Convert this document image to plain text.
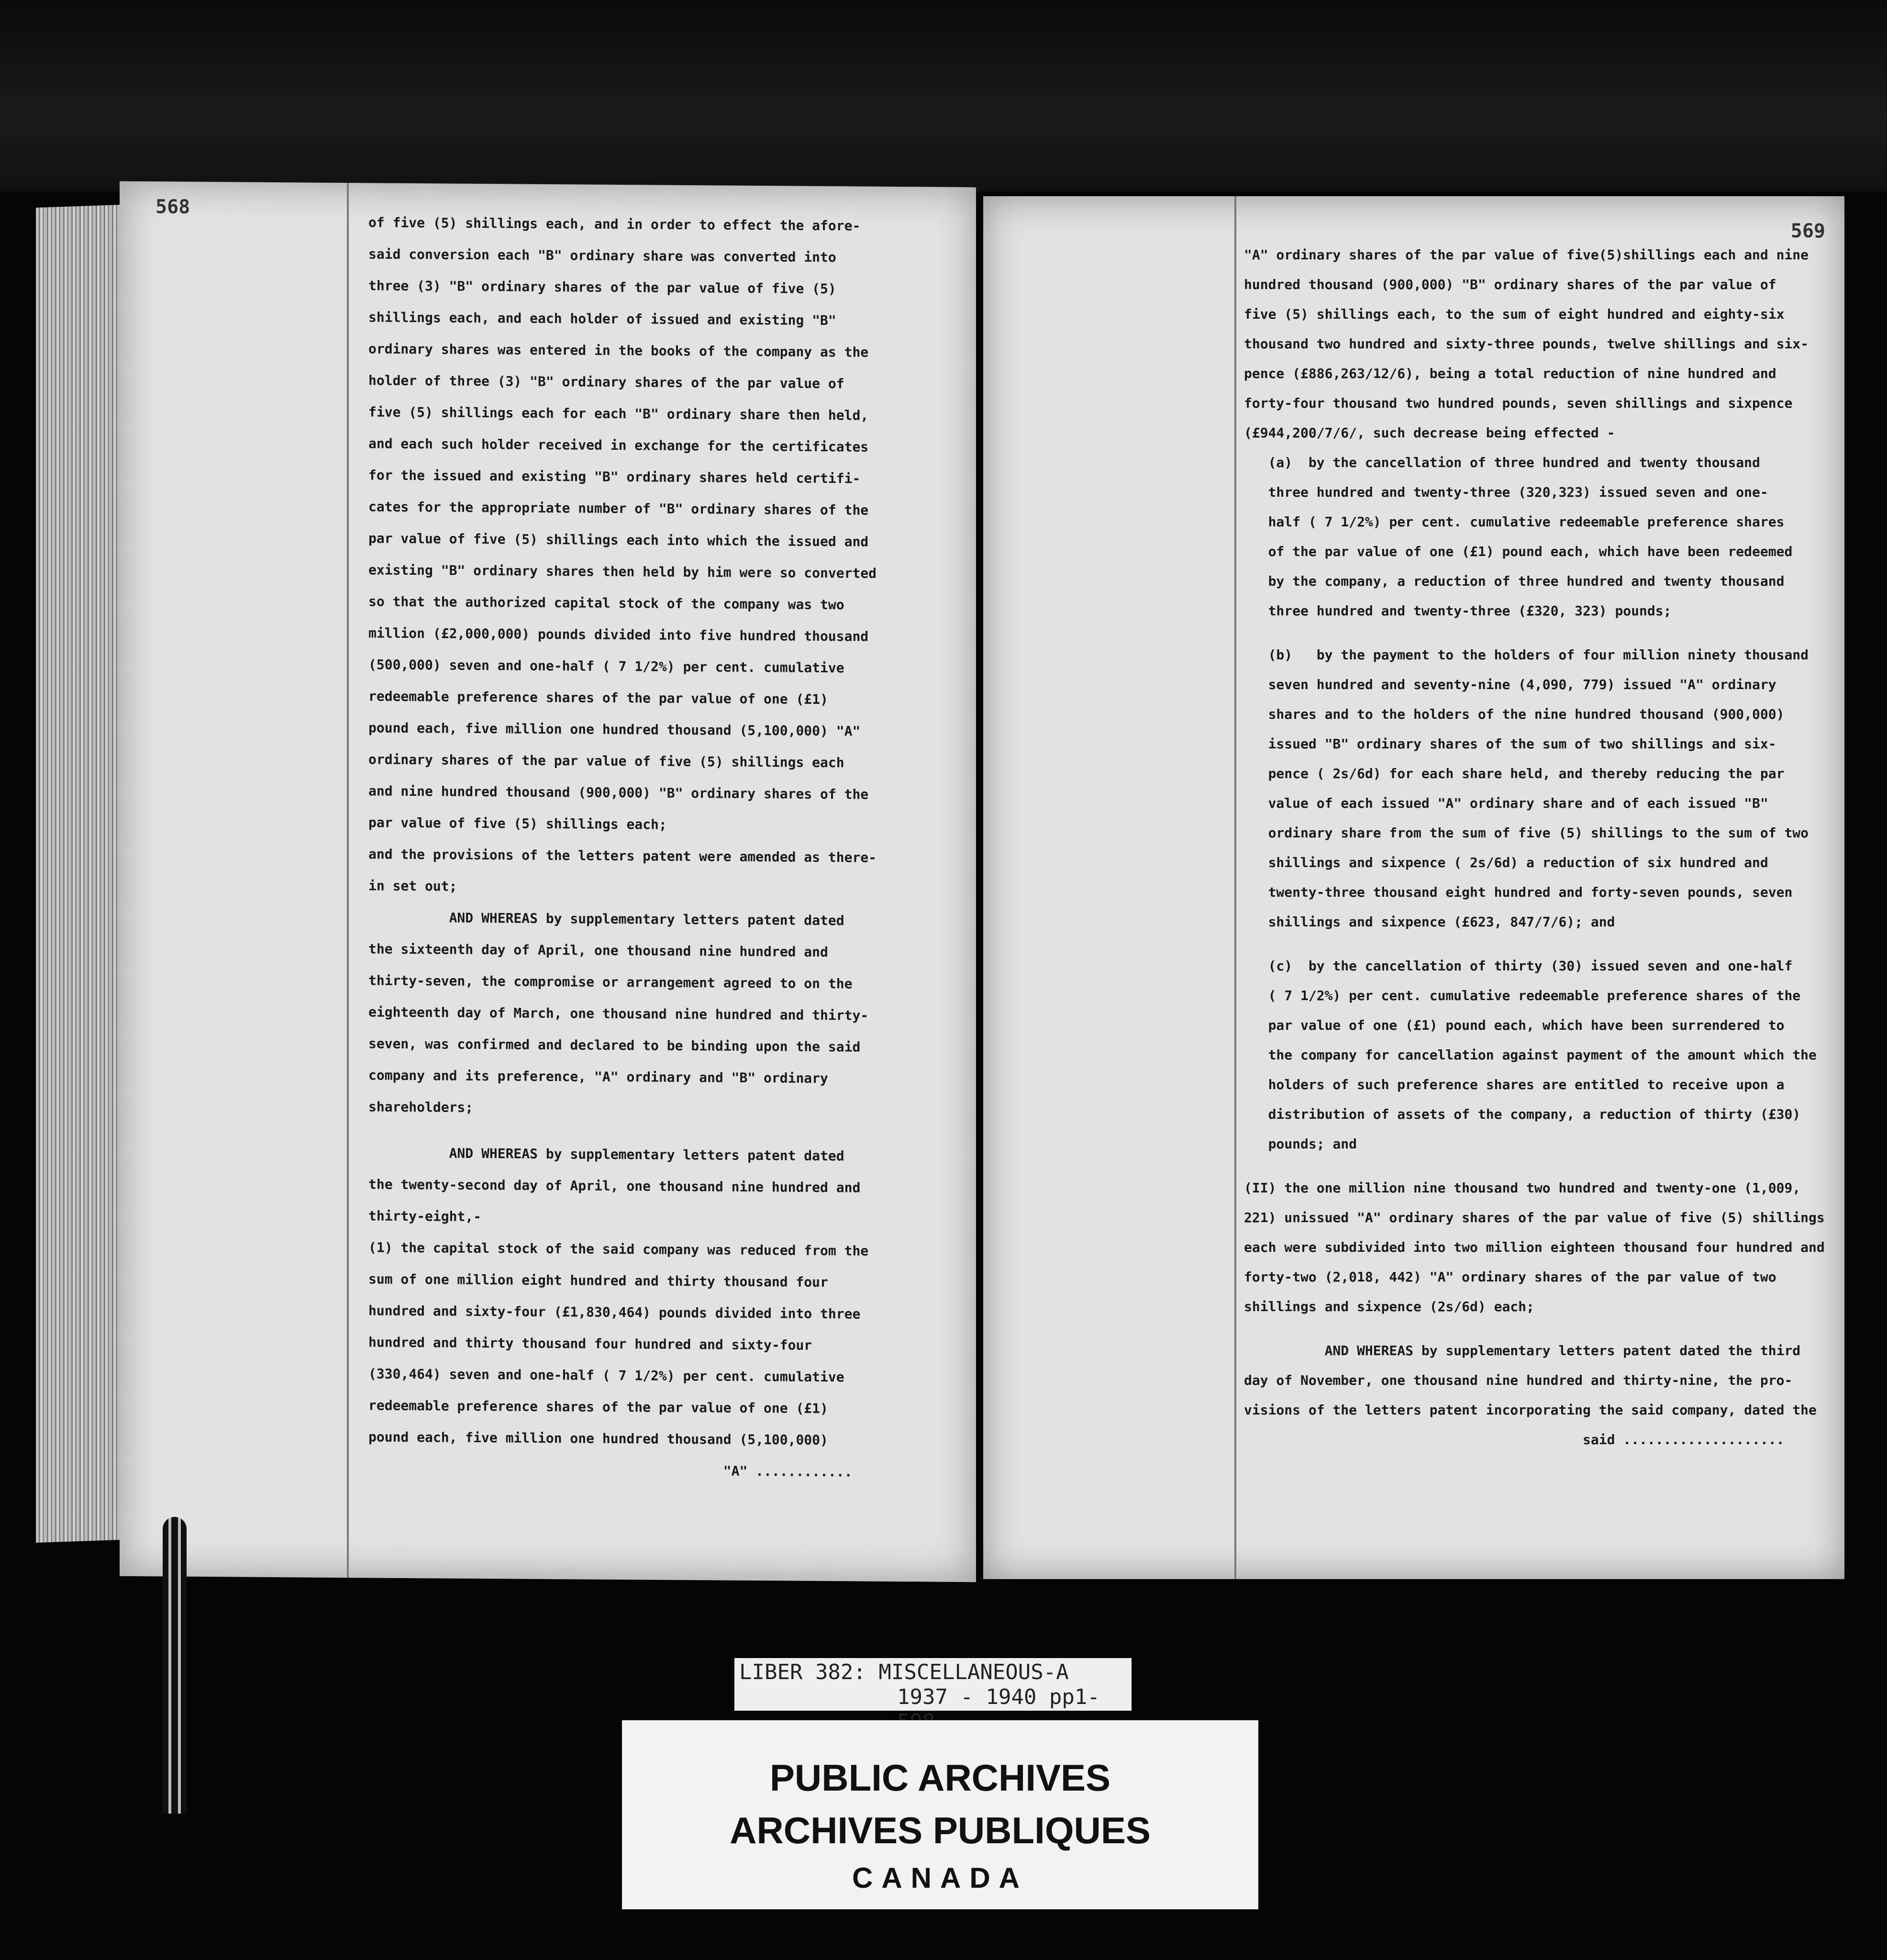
568
of five (5) shillings each, and in order to effect the afore-
said conversion each "B" ordinary share was converted into
three (3) "B" ordinary shares of the par value of five (5)
shillings each, and each holder of issued and existing "B"
ordinary shares was entered in the books of the company as the
holder of three (3) "B" ordinary shares of the par value of
five (5) shillings each for each "B" ordinary share then held,
and each such holder received in exchange for the certificates
for the issued and existing "B" ordinary shares held certifi-
cates for the appropriate number of "B" ordinary shares of the
par value of five (5) shillings each into which the issued and
existing "B" ordinary shares then held by him were so converted
so that the authorized capital stock of the company was two
million (£2,000,000) pounds divided into five hundred thousand
(500,000) seven and one-half ( 7 1/2%) per cent. cumulative
redeemable preference shares of the par value of one (£1)
pound each, five million one hundred thousand (5,100,000) "A"
ordinary shares of the par value of five (5) shillings each
and nine hundred thousand (900,000) "B" ordinary shares of the
par value of five (5) shillings each;
and the provisions of the letters patent were amended as there-
in set out;
AND WHEREAS by supplementary letters patent dated
the sixteenth day of April, one thousand nine hundred and
thirty-seven, the compromise or arrangement agreed to on the
eighteenth day of March, one thousand nine hundred and thirty-
seven, was confirmed and declared to be binding upon the said
company and its preference, "A" ordinary and "B" ordinary
shareholders;
AND WHEREAS by supplementary letters patent dated
the twenty-second day of April, one thousand nine hundred and
thirty-eight,-
(1) the capital stock of the said company was reduced from the
sum of one million eight hundred and thirty thousand four
hundred and sixty-four (£1,830,464) pounds divided into three
hundred and thirty thousand four hundred and sixty-four
(330,464) seven and one-half ( 7 1/2%) per cent. cumulative
redeemable preference shares of the par value of one (£1)
pound each, five million one hundred thousand (5,100,000)
"A" ............
569
"A" ordinary shares of the par value of five(5)shillings each and nine
hundred thousand (900,000) "B" ordinary shares of the par value of
five (5) shillings each, to the sum of eight hundred and eighty-six
thousand two hundred and sixty-three pounds, twelve shillings and six-
pence (£886,263/12/6), being a total reduction of nine hundred and
forty-four thousand two hundred pounds, seven shillings and sixpence
(£944,200/7/6/, such decrease being effected -
(a)  by the cancellation of three hundred and twenty thousand
three hundred and twenty-three (320,323) issued seven and one-
half ( 7 1/2%) per cent. cumulative redeemable preference shares
of the par value of one (£1) pound each, which have been redeemed
by the company, a reduction of three hundred and twenty thousand
three hundred and twenty-three (£320, 323) pounds;
(b)   by the payment to the holders of four million ninety thousand
seven hundred and seventy-nine (4,090, 779) issued "A" ordinary
shares and to the holders of the nine hundred thousand (900,000)
issued "B" ordinary shares of the sum of two shillings and six-
pence ( 2s/6d) for each share held, and thereby reducing the par
value of each issued "A" ordinary share and of each issued "B"
ordinary share from the sum of five (5) shillings to the sum of two
shillings and sixpence ( 2s/6d) a reduction of six hundred and
twenty-three thousand eight hundred and forty-seven pounds, seven
shillings and sixpence (£623, 847/7/6); and
(c)  by the cancellation of thirty (30) issued seven and one-half
( 7 1/2%) per cent. cumulative redeemable preference shares of the
par value of one (£1) pound each, which have been surrendered to
the company for cancellation against payment of the amount which the
holders of such preference shares are entitled to receive upon a
distribution of assets of the company, a reduction of thirty (£30)
pounds; and
(II) the one million nine thousand two hundred and twenty-one (1,009,
221) unissued "A" ordinary shares of the par value of five (5) shillings
each were subdivided into two million eighteen thousand four hundred and
forty-two (2,018, 442) "A" ordinary shares of the par value of two
shillings and sixpence (2s/6d) each;
AND WHEREAS by supplementary letters patent dated the third
day of November, one thousand nine hundred and thirty-nine, the pro-
visions of the letters patent incorporating the said company, dated the
said ....................
LIBER 382: MISCELLANEOUS-A
1937 - 1940 pp1-
PUBLIC ARCHIVES
ARCHIVES PUBLIQUES
CANADA
